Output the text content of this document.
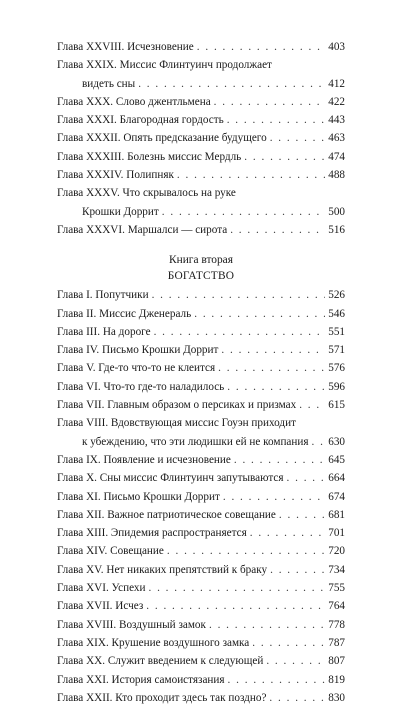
Глава XXVIII. Исчезновение . . .	403
Глава XXIX. Миссис Флинтуинч продолжает
видеть сны . . .	412
Глава XXX. Слово джентльмена . . .	422
Глава XXXI. Благородная гордость . . .	443
Глава XXXII. Опять предсказание будущего . . .	463
Глава XXXIII. Болезнь миссис Мердль . . .	474
Глава XXXIV. Полипняк . . .	488
Глава XXXV. Что скрывалось на руке
Крошки Доррит . . .	500
Глава XXXVI. Маршалси — сирота . . .	516
Книга вторая
БОГАТСТВО
Глава I. Попутчики . . .	526
Глава II. Миссис Дженераль . . .	546
Глава III. На дороге . . .	551
Глава IV. Письмо Крошки Доррит . . .	571
Глава V. Где-то что-то не клеится . . .	576
Глава VI. Что-то где-то наладилось . . .	596
Глава VII. Главным образом о персиках и призмах . . .	615
Глава VIII. Вдовствующая миссис Гоуэн приходит
к убеждению, что эти людишки ей не компания . . . 630
Глава IX. Появление и исчезновение . . .	645
Глава X. Сны миссис Флинтуинч запутываются . . .	664
Глава XI. Письмо Крошки Доррит . . .	674
Глава XII. Важное патриотическое совещание . . .	681
Глава XIII. Эпидемия распространяется . . .	701
Глава XIV. Совещание . . .	720
Глава XV. Нет никаких препятствий к браку . . .	734
Глава XVI. Успехи . . .	755
Глава XVII. Исчез . . .	764
Глава XVIII. Воздушный замок . . .	778
Глава XIX. Крушение воздушного замка . . .	787
Глава XX. Служит введением к следующей . . .	807
Глава XXI. История самоистязания . . .	819
Глава XXII. Кто проходит здесь так поздно? . . .	830
